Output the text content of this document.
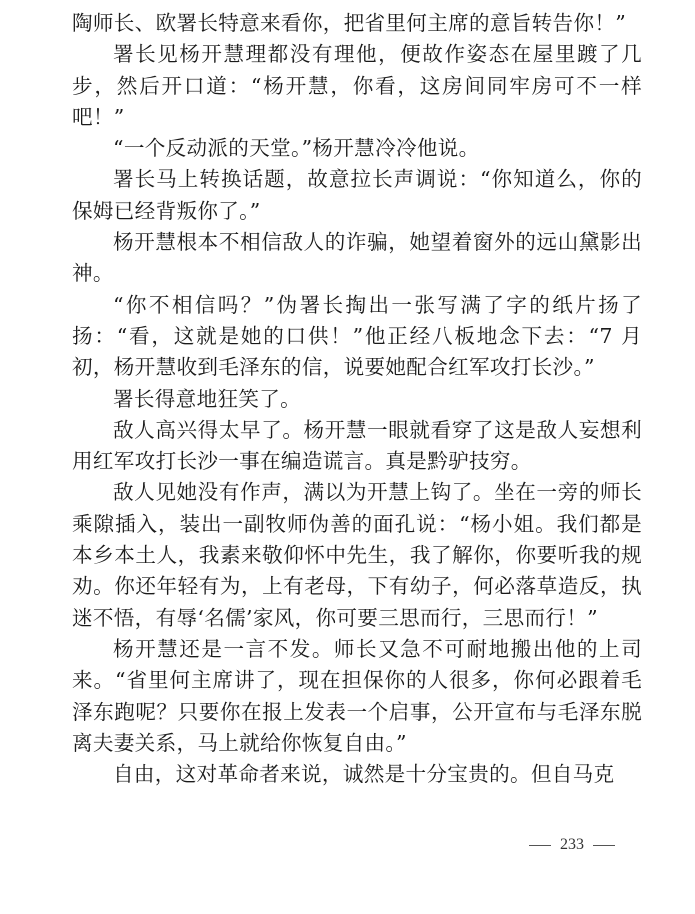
陶师长、欧署长特意来看你，把省里何主席的意旨转告你！”

署长见杨开慧理都没有理他，便故作姿态在屋里踱了几步，然后开口道：“杨开慧，你看，这房间同牢房可不一样吧！”

“一个反动派的天堂。”杨开慧冷冷他说。

署长马上转换话题，故意拉长声调说：“你知道么，你的保姆已经背叛你了。”

杨开慧根本不相信敌人的诈骗，她望着窗外的远山黛影出神。

“你不相信吗？”伪署长掏出一张写满了字的纸片扬了扬：“看，这就是她的口供！”他正经八板地念下去：“7 月初，杨开慧收到毛泽东的信，说要她配合红军攻打长沙。”

署长得意地狂笑了。

敌人高兴得太早了。杨开慧一眼就看穿了这是敌人妄想利用红军攻打长沙一事在编造谎言。真是黔驴技穷。

敌人见她没有作声，满以为开慧上钩了。坐在一旁的师长乘隙插入，装出一副牧师伪善的面孔说：“杨小姐。我们都是本乡本土人，我素来敬仰怀中先生，我了解你，你要听我的规劝。你还年轻有为，上有老母，下有幼子，何必落草造反，执迷不悟，有辱‘名儒’家风，你可要三思而行，三思而行！”

杨开慧还是一言不发。师长又急不可耐地搬出他的上司来。“省里何主席讲了，现在担保你的人很多，你何必跟着毛泽东跑呢？只要你在报上发表一个启事，公开宣布与毛泽东脱离夫妻关系，马上就给你恢复自由。”

自由，这对革命者来说，诚然是十分宝贵的。但自马克

233
